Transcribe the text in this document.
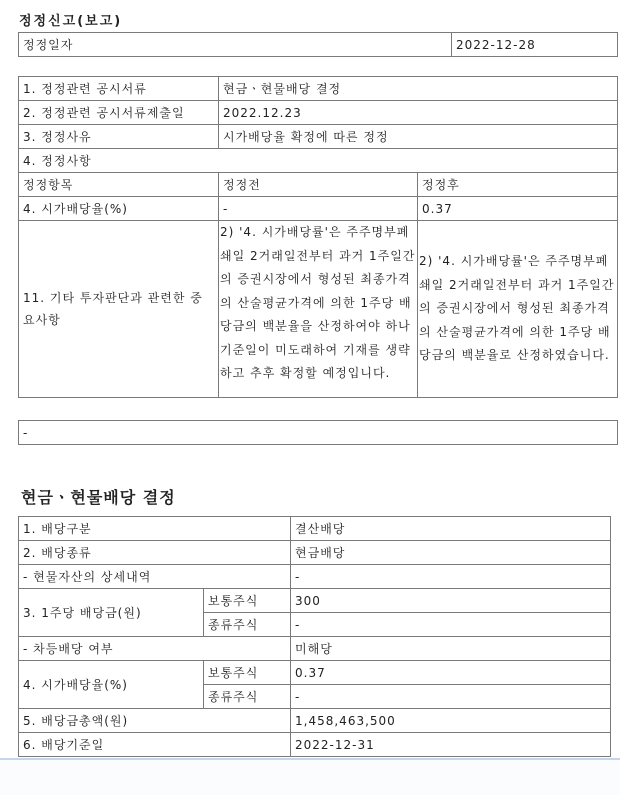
정정신고(보고)
정정일자	2022-12-28
1. 정정관련 공시서류	현금ㆍ현물배당 결정	
2. 정정관련 공시서류제출일	2022.12.23	
3. 정정사유	시가배당율 확정에 따른 정정	
4. 정정사항		
정정항목	정정전	정정후
4. 시가배당율(%)	-	0.37
11. 기타 투자판단과 관련한 중요사항	2) '4. 시가배당률'은 주주명부폐쇄일 2거래일전부터 과거 1주일간의 증권시장에서 형성된 최종가격의 산술평균가격에 의한 1주당 배당금의 백분율을 산정하여야 하나 기준일이 미도래하여 기재를 생략하고 추후 확정할 예정입니다.	2) '4. 시가배당률'은 주주명부폐쇄일 2거래일전부터 과거 1주일간의 증권시장에서 형성된 최종가격의 산술평균가격에 의한 1주당 배당금의 백분율로 산정하였습니다.
-
현금ㆍ현물배당 결정
1. 배당구분		결산배당
2. 배당종류		현금배당
- 현물자산의 상세내역		-
3. 1주당 배당금(원)	보통주식	300
	종류주식	-
- 차등배당 여부		미해당
4. 시가배당율(%)	보통주식	0.37
	종류주식	-
5. 배당금총액(원)		1,458,463,500
6. 배당기준일		2022-12-31
